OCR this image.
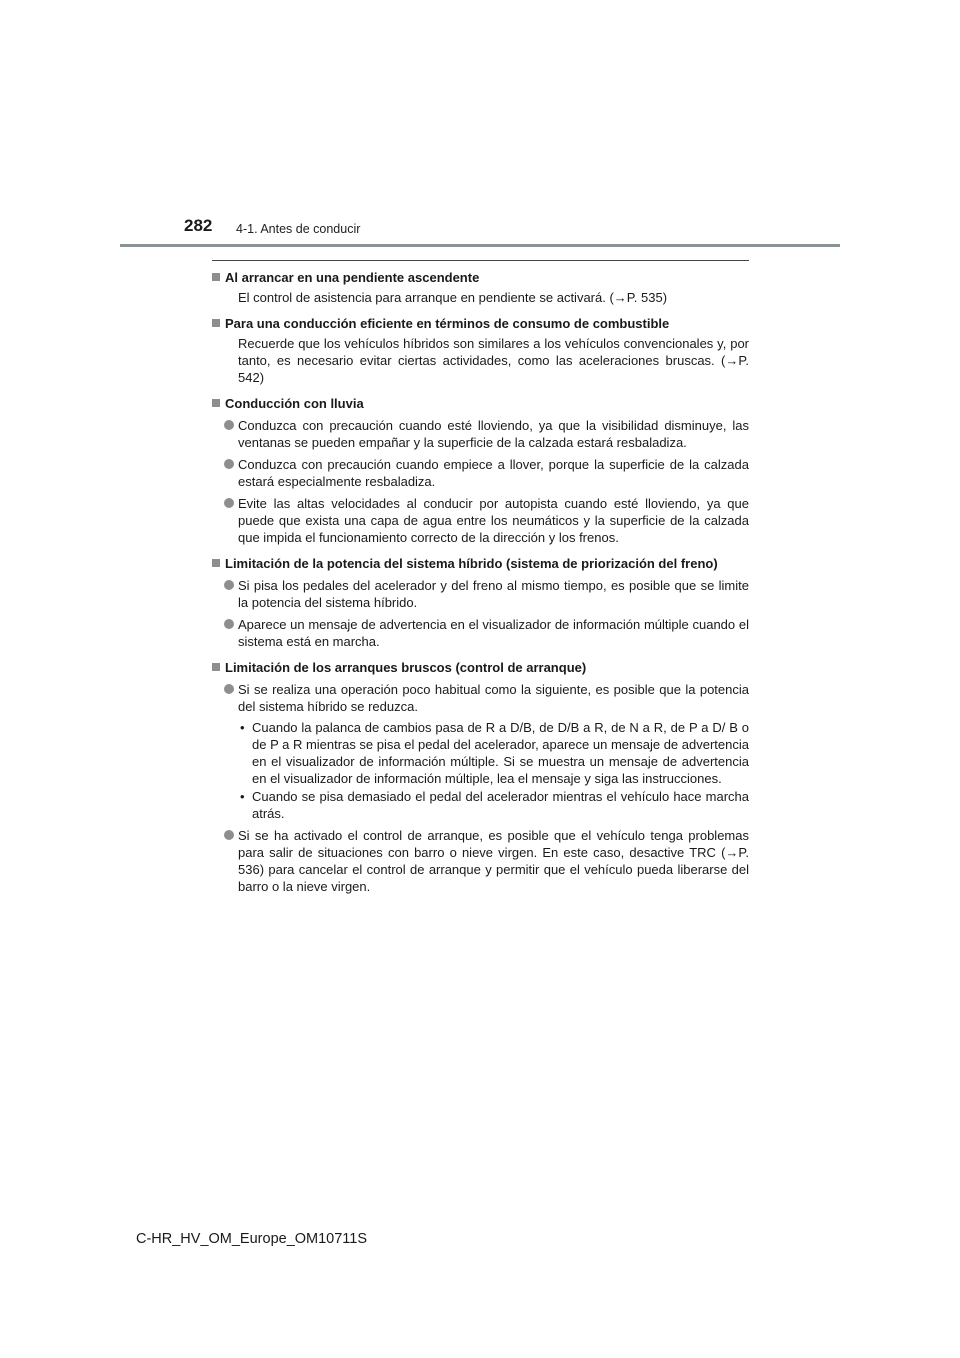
282 4-1. Antes de conducir
Al arrancar en una pendiente ascendente
El control de asistencia para arranque en pendiente se activará. (→P. 535)
Para una conducción eficiente en términos de consumo de combustible
Recuerde que los vehículos híbridos son similares a los vehículos convencionales y, por tanto, es necesario evitar ciertas actividades, como las aceleraciones bruscas. (→P. 542)
Conducción con lluvia
Conduzca con precaución cuando esté lloviendo, ya que la visibilidad disminuye, las ventanas se pueden empañar y la superficie de la calzada estará resbaladiza.
Conduzca con precaución cuando empiece a llover, porque la superficie de la calzada estará especialmente resbaladiza.
Evite las altas velocidades al conducir por autopista cuando esté lloviendo, ya que puede que exista una capa de agua entre los neumáticos y la superficie de la calzada que impida el funcionamiento correcto de la dirección y los frenos.
Limitación de la potencia del sistema híbrido (sistema de priorización del freno)
Si pisa los pedales del acelerador y del freno al mismo tiempo, es posible que se limite la potencia del sistema híbrido.
Aparece un mensaje de advertencia en el visualizador de información múltiple cuando el sistema está en marcha.
Limitación de los arranques bruscos (control de arranque)
Si se realiza una operación poco habitual como la siguiente, es posible que la potencia del sistema híbrido se reduzca.
• Cuando la palanca de cambios pasa de R a D/B, de D/B a R, de N a R, de P a D/ B o de P a R mientras se pisa el pedal del acelerador, aparece un mensaje de advertencia en el visualizador de información múltiple. Si se muestra un mensaje de advertencia en el visualizador de información múltiple, lea el mensaje y siga las instrucciones.
• Cuando se pisa demasiado el pedal del acelerador mientras el vehículo hace marcha atrás.
Si se ha activado el control de arranque, es posible que el vehículo tenga problemas para salir de situaciones con barro o nieve virgen. En este caso, desactive TRC (→P. 536) para cancelar el control de arranque y permitir que el vehículo pueda liberarse del barro o la nieve virgen.
C-HR_HV_OM_Europe_OM10711S
